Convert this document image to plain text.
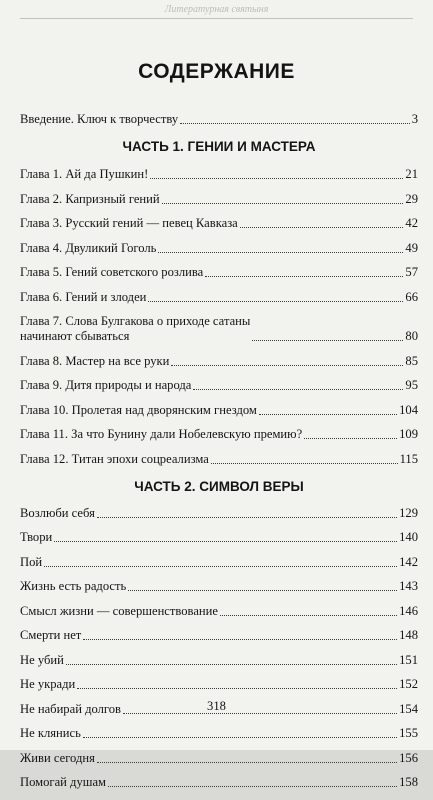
Литературная святыня
СОДЕРЖАНИЕ
Введение. Ключ к творчеству	3
ЧАСТЬ 1. ГЕНИИ И МАСТЕРА
Глава 1. Ай да Пушкин!	21
Глава 2. Капризный гений	29
Глава 3. Русский гений — певец Кавказа	42
Глава 4. Двуликий Гоголь	49
Глава 5. Гений советского розлива	57
Глава 6. Гений и злодеи	66
Глава 7. Слова Булгакова о приходе сатаны
начинают сбываться	80
Глава 8. Мастер на все руки	85
Глава 9. Дитя природы и народа	95
Глава 10. Пролетая над дворянским гнездом	104
Глава 11. За что Бунину дали Нобелевскую премию?	109
Глава 12. Титан эпохи соцреализма	115
ЧАСТЬ 2. СИМВОЛ ВЕРЫ
Возлюби себя	129
Твори	140
Пой	142
Жизнь есть радость	143
Смысл жизни — совершенствование	146
Смерти нет	148
Не убий	151
Не укради	152
Не набирай долгов	154
Не клянись	155
Живи сегодня	156
Помогай душам	158
318
